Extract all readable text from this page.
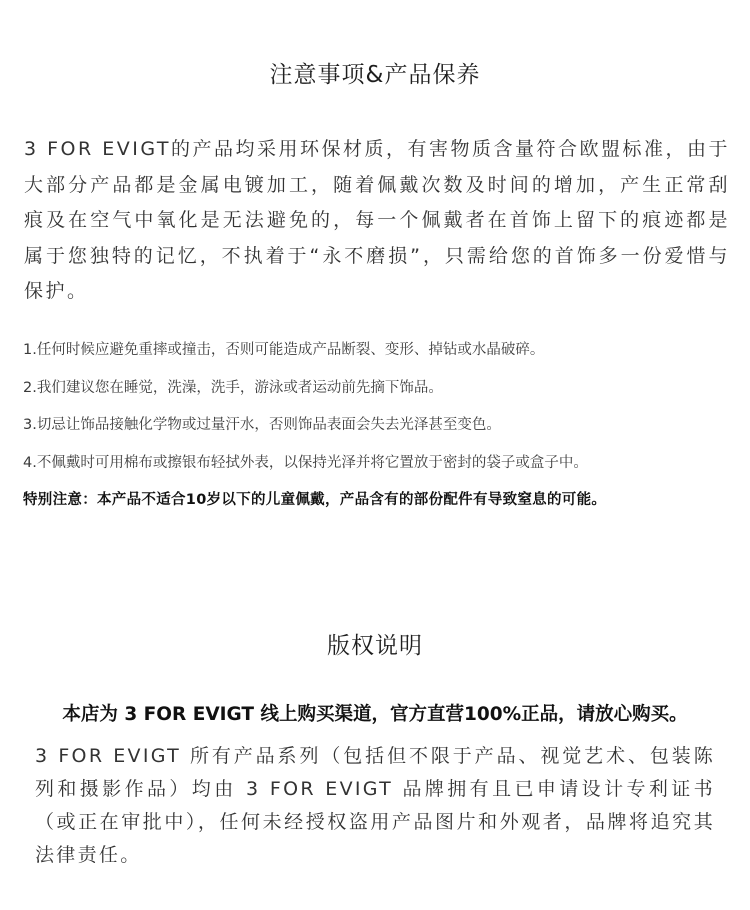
注意事项&产品保养

3 FOR EVIGT的产品均采用环保材质，有害物质含量符合欧盟标准，由于大部分产品都是金属电镀加工，随着佩戴次数及时间的增加，产生正常刮痕及在空气中氧化是无法避免的，每一个佩戴者在首饰上留下的痕迹都是属于您独特的记忆，不执着于“永不磨损”，只需给您的首饰多一份爱惜与保护。

1.任何时候应避免重摔或撞击，否则可能造成产品断裂、变形、掉钻或水晶破碎。
2.我们建议您在睡觉，洗澡，洗手，游泳或者运动前先摘下饰品。
3.切忌让饰品接触化学物或过量汗水，否则饰品表面会失去光泽甚至变色。
4.不佩戴时可用棉布或擦银布轻拭外表，以保持光泽并将它置放于密封的袋子或盒子中。
特别注意：本产品不适合10岁以下的儿童佩戴，产品含有的部份配件有导致窒息的可能。
版权说明

本店为 3 FOR EVIGT 线上购买渠道，官方直营100%正品，请放心购买。

3 FOR EVIGT 所有产品系列（包括但不限于产品、视觉艺术、包装陈列和摄影作品）均由 3 FOR EVIGT 品牌拥有且已申请设计专利证书（或正在审批中），任何未经授权盗用产品图片和外观者，品牌将追究其法律责任。
